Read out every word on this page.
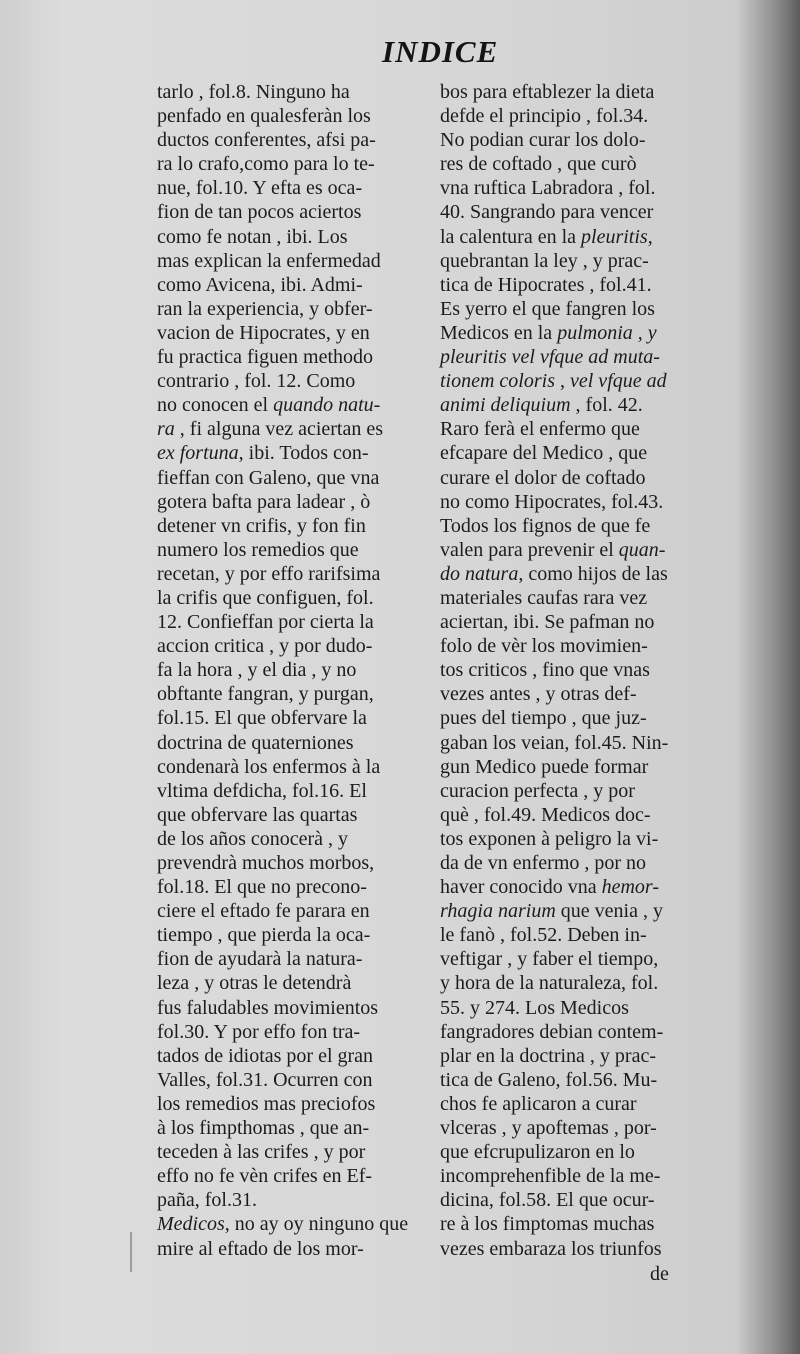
INDICE
tarlo , fol.8. Ninguno ha
penfado en qualesferàn los
ductos conferentes, afsi pa-
ra lo crafo,como para lo te-
nue, fol.10. Y efta es oca-
fion de tan pocos aciertos
como fe notan , ibi. Los
mas explican la enfermedad
como Avicena, ibi. Admi-
ran la experiencia, y obfer-
vacion de Hipocrates, y en
fu practica figuen methodo
contrario , fol. 12. Como
no conocen el quando natu-
ra , fi alguna vez aciertan es
ex fortuna, ibi. Todos con-
fieffan con Galeno, que vna
gotera bafta para ladear , ò
detener vn crifis, y fon fin
numero los remedios que
recetan, y por effo rarifsima
la crifis que configuen, fol.
12. Confieffan por cierta la
accion critica , y por dudo-
fa la hora , y el dia , y no
obftante fangran, y purgan,
fol.15. El que obfervare la
doctrina de quaterniones
condenarà los enfermos à la
vltima defdicha, fol.16. El
que obfervare las quartas
de los años conocerà , y
prevendrà muchos morbos,
fol.18. El que no precono-
ciere el eftado fe parara en
tiempo , que pierda la oca-
fion de ayudarà la natura-
leza , y otras le detendrà
fus faludables movimientos
fol.30. Y por effo fon tra-
tados de idiotas por el gran
Valles, fol.31. Ocurren con
los remedios mas preciofos
à los fimpthomas , que an-
teceden à las crifes , y por
effo no fe vèn crifes en Ef-
paña, fol.31.
Medicos, no ay oy ninguno que
mire al eftado de los mor-
bos para eftablezer la dieta
defde el principio , fol.34.
No podian curar los dolo-
res de coftado , que curò
vna ruftica Labradora , fol.
40. Sangrando para vencer
la calentura en la pleuritis,
quebrantan la ley , y prac-
tica de Hipocrates , fol.41.
Es yerro el que fangren los
Medicos en la pulmonia , y
pleuritis vel vfque ad muta-
tionem coloris , vel vfque ad
animi deliquium , fol. 42.
Raro ferà el enfermo que
efcapare del Medico , que
curare el dolor de coftado
no como Hipocrates, fol.43.
Todos los fignos de que fe
valen para prevenir el quan-
do natura, como hijos de las
materiales caufas rara vez
aciertan, ibi. Se pafman no
folo de vèr los movimien-
tos criticos , fino que vnas
vezes antes , y otras def-
pues del tiempo , que juz-
gaban los veian, fol.45. Nin-
gun Medico puede formar
curacion perfecta , y por
què , fol.49. Medicos doc-
tos exponen à peligro la vi-
da de vn enfermo , por no
haver conocido vna hemor-
rhagia narium que venia , y
le fanò , fol.52. Deben in-
veftigar , y faber el tiempo,
y hora de la naturaleza, fol.
55. y 274. Los Medicos
fangradores debian contem-
plar en la doctrina , y prac-
tica de Galeno, fol.56. Mu-
chos fe aplicaron a curar
vlceras , y apoftemas , por-
que efcrupulizaron en lo
incomprehenfible de la me-
dicina, fol.58. El que ocur-
re à los fimptomas muchas
vezes embaraza los triunfos
de
